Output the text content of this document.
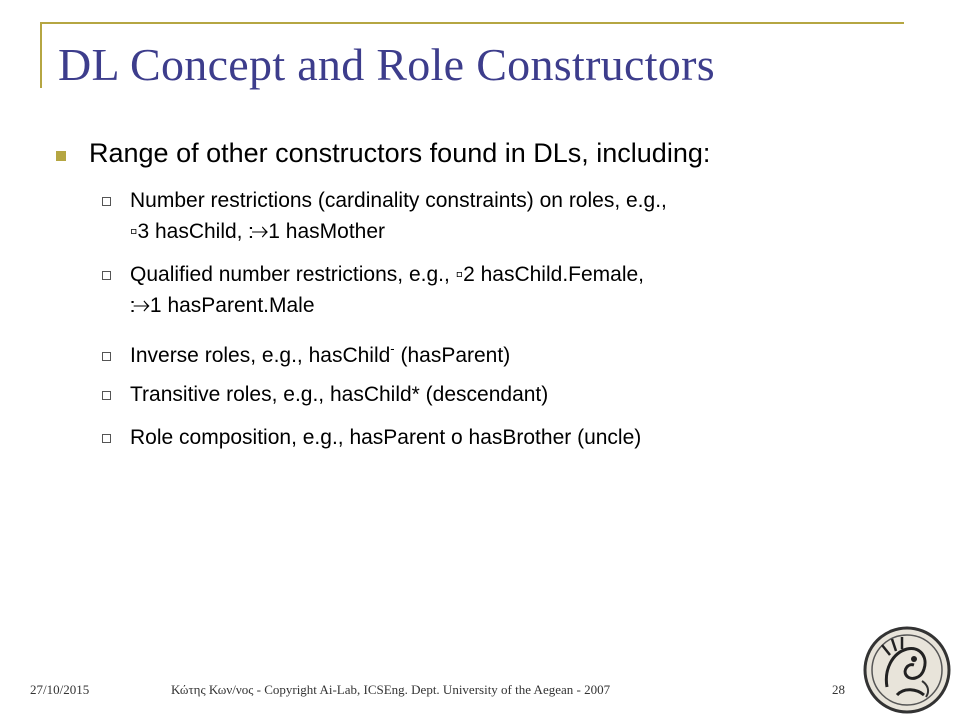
DL Concept and Role Constructors
Range of other constructors found in DLs, including:
Number restrictions (cardinality constraints) on roles, e.g.,
▫3 hasChild, ⧴1 hasMother
Qualified number restrictions, e.g., ▫2 hasChild.Female,
⧴1 hasParent.Male
Inverse roles, e.g., hasChild- (hasParent)
Transitive roles, e.g., hasChild* (descendant)
Role composition, e.g., hasParent o hasBrother (uncle)
27/10/2015	Κώτης Κων/νος - Copyright Ai-Lab, ICSEng. Dept. University of the Aegean - 2007	28
